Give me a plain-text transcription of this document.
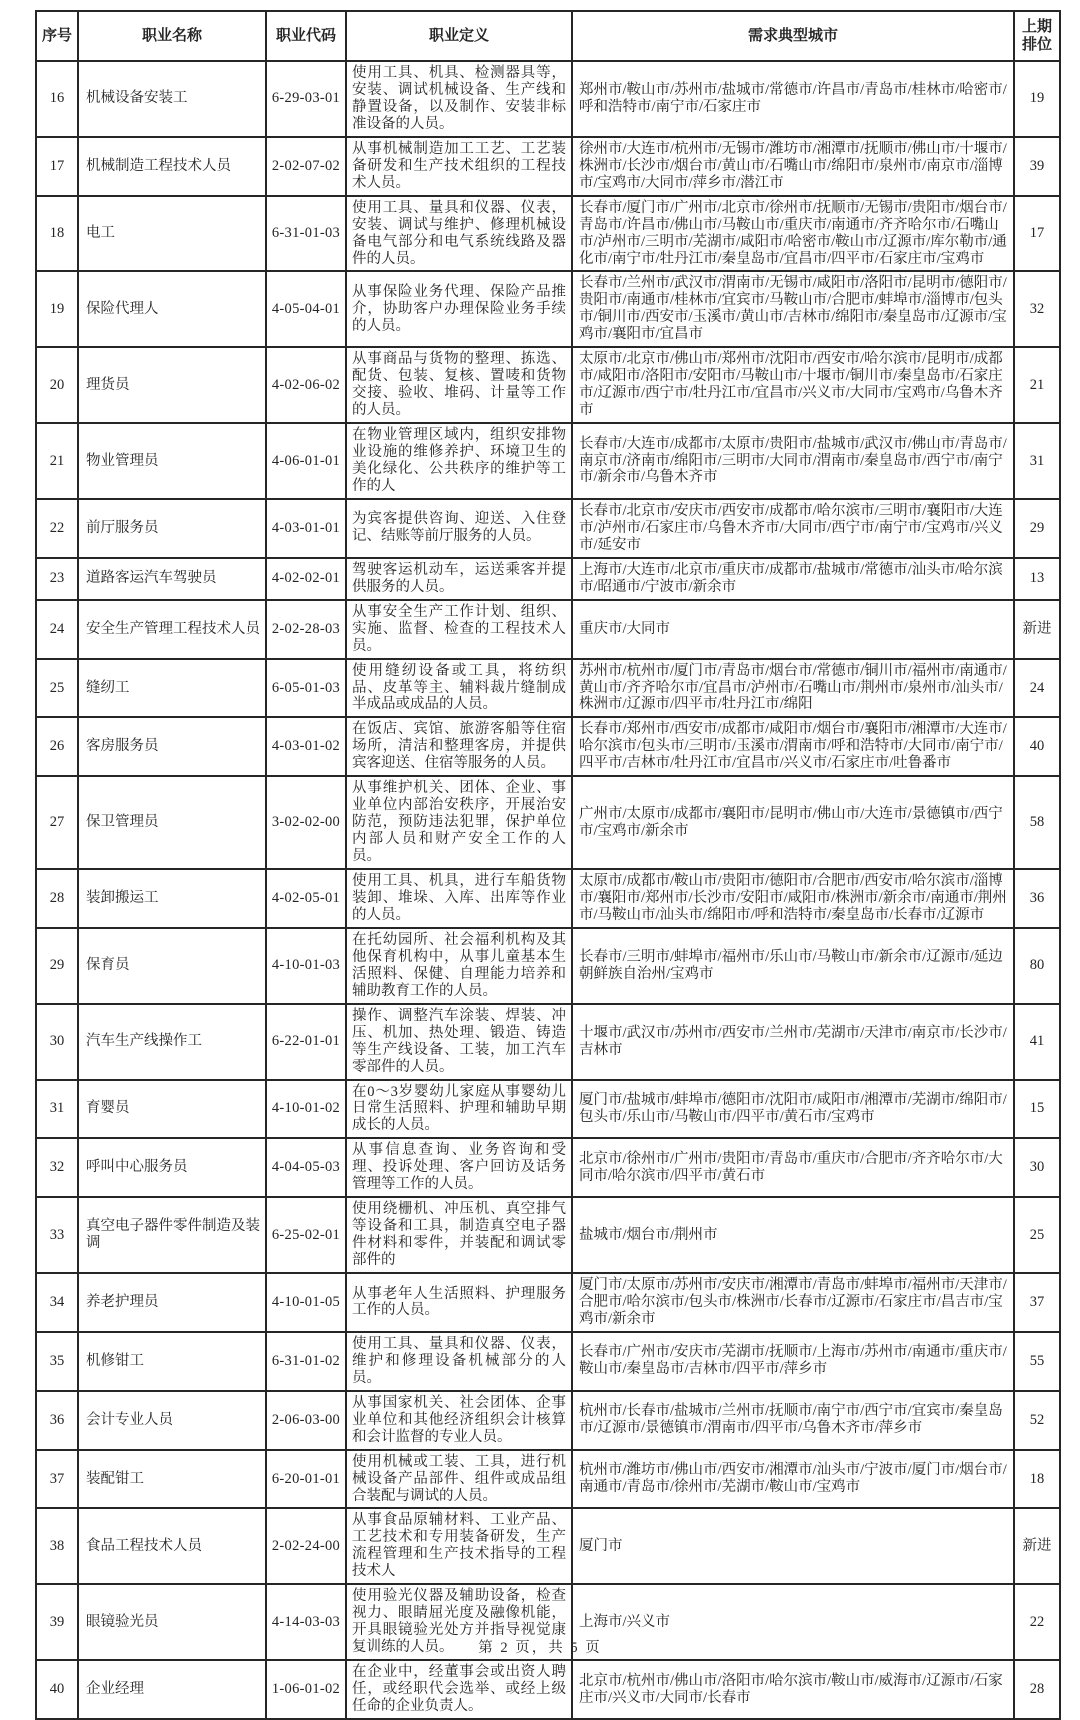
序号	职业名称	职业代码	职业定义	需求典型城市	上期排位
16	机械设备安装工	6-29-03-01	使用工具、机具、检测器具等，安装、调试机械设备、生产线和静置设备，以及制作、安装非标准设备的人员。	郑州市/鞍山市/苏州市/盐城市/常德市/许昌市/青岛市/桂林市/哈密市/呼和浩特市/南宁市/石家庄市	19
17	机械制造工程技术人员	2-02-07-02	从事机械制造加工工艺、工艺装备研发和生产技术组织的工程技术人员。	徐州市/大连市/杭州市/无锡市/潍坊市/湘潭市/抚顺市/佛山市/十堰市/株洲市/长沙市/烟台市/黄山市/石嘴山市/绵阳市/泉州市/南京市/淄博市/宝鸡市/大同市/萍乡市/潜江市	39
18	电工	6-31-01-03	使用工具、量具和仪器、仪表，安装、调试与维护、修理机械设备电气部分和电气系统线路及器件的人员。	长春市/厦门市/广州市/北京市/徐州市/抚顺市/无锡市/贵阳市/烟台市/青岛市/许昌市/佛山市/马鞍山市/重庆市/南通市/齐齐哈尔市/石嘴山市/泸州市/三明市/芜湖市/咸阳市/哈密市/鞍山市/辽源市/库尔勒市/通化市/南宁市/牡丹江市/秦皇岛市/宜昌市/四平市/石家庄市/宝鸡市	17
19	保险代理人	4-05-04-01	从事保险业务代理、保险产品推介，协助客户办理保险业务手续的人员。	长春市/兰州市/武汉市/渭南市/无锡市/咸阳市/洛阳市/昆明市/德阳市/贵阳市/南通市/桂林市/宜宾市/马鞍山市/合肥市/蚌埠市/淄博市/包头市/铜川市/西安市/玉溪市/黄山市/吉林市/绵阳市/秦皇岛市/辽源市/宝鸡市/襄阳市/宜昌市	32
20	理货员	4-02-06-02	从事商品与货物的整理、拣选、配货、包装、复核、置唛和货物交接、验收、堆码、计量等工作的人员。	太原市/北京市/佛山市/郑州市/沈阳市/西安市/哈尔滨市/昆明市/成都市/咸阳市/洛阳市/安阳市/马鞍山市/十堰市/铜川市/秦皇岛市/石家庄市/辽源市/西宁市/牡丹江市/宜昌市/兴义市/大同市/宝鸡市/乌鲁木齐市	21
21	物业管理员	4-06-01-01	在物业管理区域内，组织安排物业设施的维修养护、环境卫生的美化绿化、公共秩序的维护等工作的人	长春市/大连市/成都市/太原市/贵阳市/盐城市/武汉市/佛山市/青岛市/南京市/济南市/绵阳市/三明市/大同市/渭南市/秦皇岛市/西宁市/南宁市/新余市/乌鲁木齐市	31
22	前厅服务员	4-03-01-01	为宾客提供咨询、迎送、入住登记、结账等前厅服务的人员。	长春市/北京市/安庆市/西安市/成都市/哈尔滨市/三明市/襄阳市/大连市/泸州市/石家庄市/乌鲁木齐市/大同市/西宁市/南宁市/宝鸡市/兴义市/延安市	29
23	道路客运汽车驾驶员	4-02-02-01	驾驶客运机动车，运送乘客并提供服务的人员。	上海市/大连市/北京市/重庆市/成都市/盐城市/常德市/汕头市/哈尔滨市/昭通市/宁波市/新余市	13
24	安全生产管理工程技术人员	2-02-28-03	从事安全生产工作计划、组织、实施、监督、检查的工程技术人员。	重庆市/大同市	新进
25	缝纫工	6-05-01-03	使用缝纫设备或工具，将纺织品、皮革等主、辅料裁片缝制成半成品或成品的人员。	苏州市/杭州市/厦门市/青岛市/烟台市/常德市/铜川市/福州市/南通市/黄山市/齐齐哈尔市/宜昌市/泸州市/石嘴山市/荆州市/泉州市/汕头市/株洲市/辽源市/四平市/牡丹江市/绵阳	24
26	客房服务员	4-03-01-02	在饭店、宾馆、旅游客船等住宿场所，清洁和整理客房，并提供宾客迎送、住宿等服务的人员。	长春市/郑州市/西安市/成都市/咸阳市/烟台市/襄阳市/湘潭市/大连市/哈尔滨市/包头市/三明市/玉溪市/渭南市/呼和浩特市/大同市/南宁市/四平市/吉林市/牡丹江市/宜昌市/兴义市/石家庄市/吐鲁番市	40
27	保卫管理员	3-02-02-00	从事维护机关、团体、企业、事业单位内部治安秩序，开展治安防范，预防违法犯罪，保护单位内部人员和财产安全工作的人员。	广州市/太原市/成都市/襄阳市/昆明市/佛山市/大连市/景德镇市/西宁市/宝鸡市/新余市	58
28	装卸搬运工	4-02-05-01	使用工具、机具，进行车船货物装卸、堆垛、入库、出库等作业的人员。	太原市/成都市/鞍山市/贵阳市/德阳市/合肥市/西安市/哈尔滨市/淄博市/襄阳市/郑州市/长沙市/安阳市/咸阳市/株洲市/新余市/南通市/荆州市/马鞍山市/汕头市/绵阳市/呼和浩特市/秦皇岛市/长春市/辽源市	36
29	保育员	4-10-01-03	在托幼园所、社会福利机构及其他保育机构中，从事儿童基本生活照料、保健、自理能力培养和辅助教育工作的人员。	长春市/三明市/蚌埠市/福州市/乐山市/马鞍山市/新余市/辽源市/延边朝鲜族自治州/宝鸡市	80
30	汽车生产线操作工	6-22-01-01	操作、调整汽车涂装、焊装、冲压、机加、热处理、锻造、铸造等生产线设备、工装，加工汽车零部件的人员。	十堰市/武汉市/苏州市/西安市/兰州市/芜湖市/天津市/南京市/长沙市/吉林市	41
31	育婴员	4-10-01-02	在0～3岁婴幼儿家庭从事婴幼儿日常生活照料、护理和辅助早期成长的人员。	厦门市/盐城市/蚌埠市/德阳市/沈阳市/咸阳市/湘潭市/芜湖市/绵阳市/包头市/乐山市/马鞍山市/四平市/黄石市/宝鸡市	15
32	呼叫中心服务员	4-04-05-03	从事信息查询、业务咨询和受理、投诉处理、客户回访及话务管理等工作的人员。	北京市/徐州市/广州市/贵阳市/青岛市/重庆市/合肥市/齐齐哈尔市/大同市/哈尔滨市/四平市/黄石市	30
33	真空电子器件零件制造及装调	6-25-02-01	使用绕栅机、冲压机、真空排气等设备和工具，制造真空电子器件材料和零件，并装配和调试零部件的	盐城市/烟台市/荆州市	25
34	养老护理员	4-10-01-05	从事老年人生活照料、护理服务工作的人员。	厦门市/太原市/苏州市/安庆市/湘潭市/青岛市/蚌埠市/福州市/天津市/合肥市/哈尔滨市/包头市/株洲市/长春市/辽源市/石家庄市/昌吉市/宝鸡市/新余市	37
35	机修钳工	6-31-01-02	使用工具、量具和仪器、仪表，维护和修理设备机械部分的人员。	长春市/广州市/安庆市/芜湖市/抚顺市/上海市/苏州市/南通市/重庆市/鞍山市/秦皇岛市/吉林市/四平市/萍乡市	55
36	会计专业人员	2-06-03-00	从事国家机关、社会团体、企事业单位和其他经济组织会计核算和会计监督的专业人员。	杭州市/长春市/盐城市/兰州市/抚顺市/南宁市/西宁市/宜宾市/秦皇岛市/辽源市/景德镇市/渭南市/四平市/乌鲁木齐市/萍乡市	52
37	装配钳工	6-20-01-01	使用机械或工装、工具，进行机械设备产品部件、组件或成品组合装配与调试的人员。	杭州市/潍坊市/佛山市/西安市/湘潭市/汕头市/宁波市/厦门市/烟台市/南通市/青岛市/徐州市/芜湖市/鞍山市/宝鸡市	18
38	食品工程技术人员	2-02-24-00	从事食品原辅材料、工业产品、工艺技术和专用装备研发，生产流程管理和生产技术指导的工程技术人	厦门市	新进
39	眼镜验光员	4-14-03-03	使用验光仪器及辅助设备，检查视力、眼睛屈光度及融像机能，开具眼镜验光处方并指导视觉康复训练的人员。	上海市/兴义市	22
40	企业经理	1-06-01-02	在企业中，经董事会或出资人聘任，或经职代会选举、或经上级任命的企业负责人。	北京市/杭州市/佛山市/洛阳市/哈尔滨市/鞍山市/威海市/辽源市/石家庄市/兴义市/大同市/长春市	28
第 2 页，共 5 页
